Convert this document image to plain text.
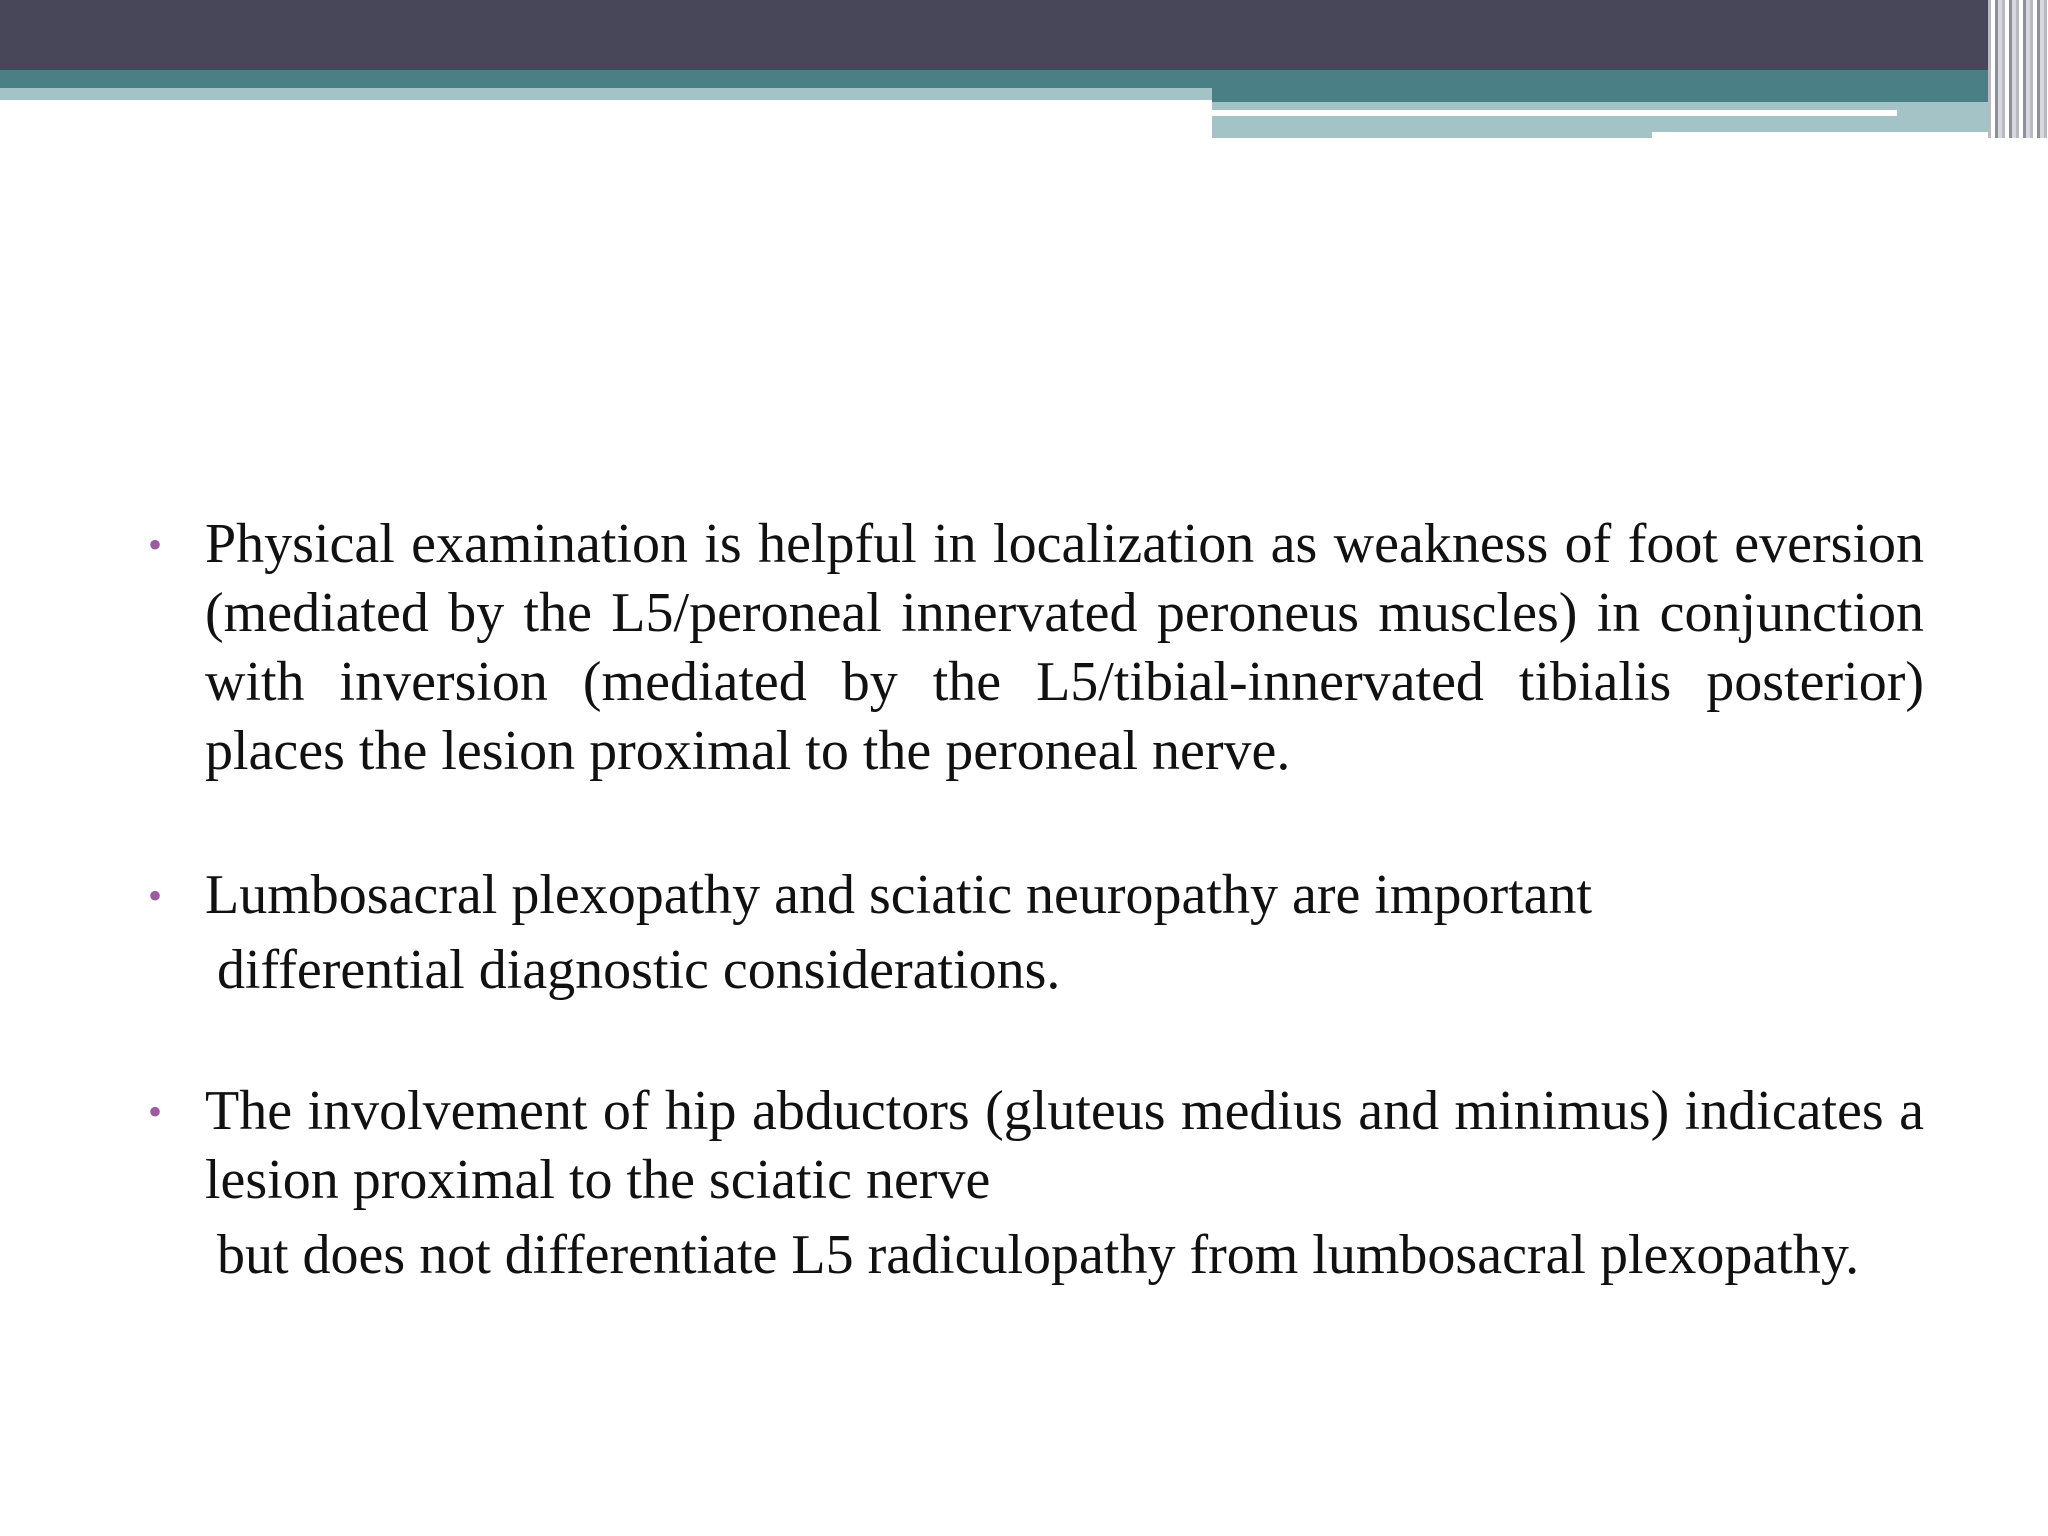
• Physical examination is helpful in localization as weakness of foot eversion (mediated by the L5/peroneal innervated peroneus muscles) in conjunction with inversion (mediated by the L5/tibial-innervated tibialis posterior) places the lesion proximal to the peroneal nerve.
• Lumbosacral plexopathy and sciatic neuropathy are important
differential diagnostic considerations.
• The involvement of hip abductors (gluteus medius and minimus) indicates a lesion proximal to the sciatic nerve
but does not differentiate L5 radiculopathy from lumbosacral plexopathy.
